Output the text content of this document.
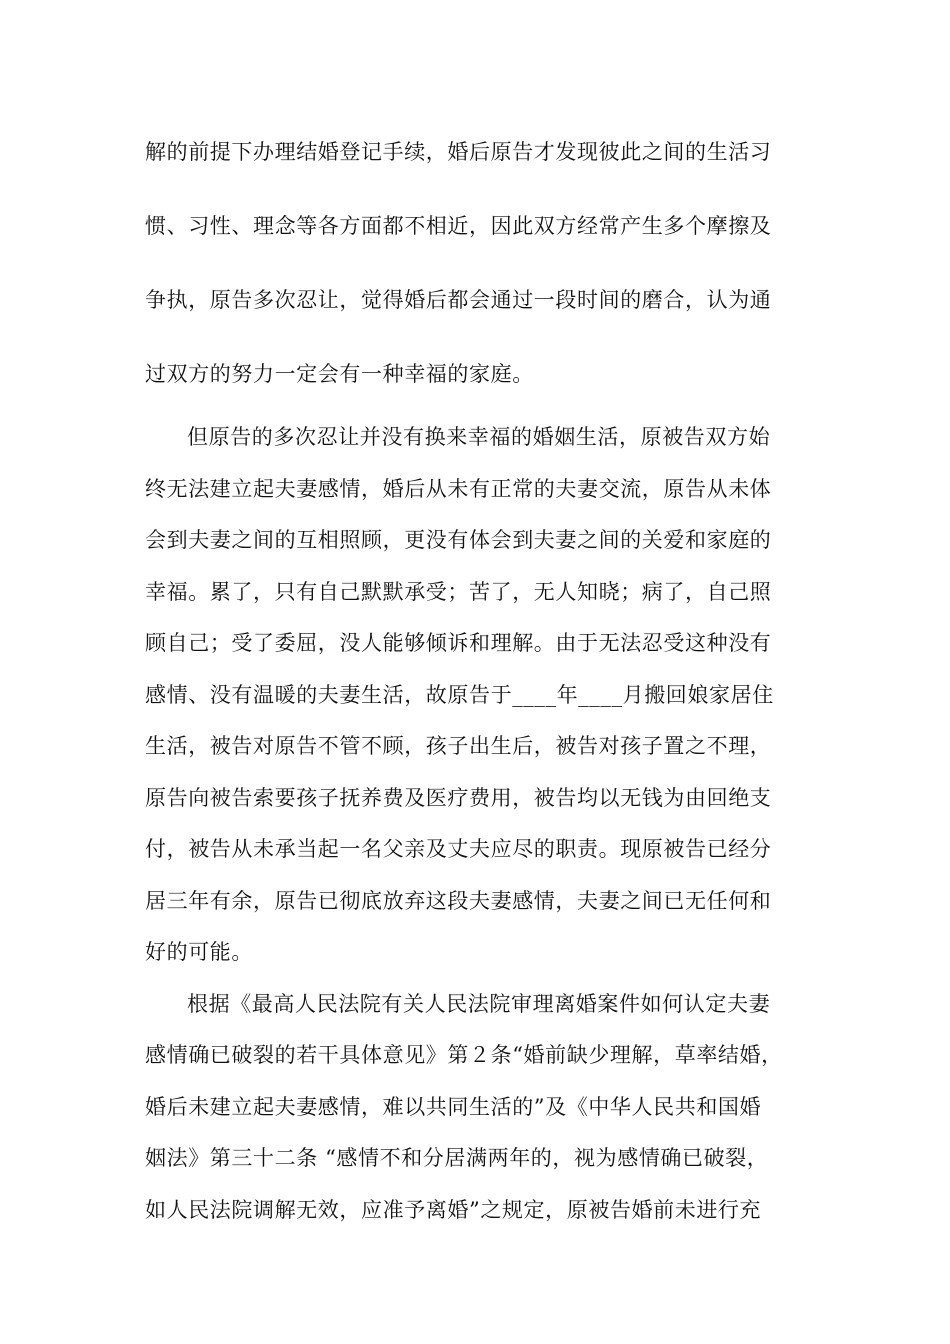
解的前提下办理结婚登记手续，婚后原告才发现彼此之间的生活习
惯、习性、理念等各方面都不相近，因此双方经常产生多个摩擦及
争执，原告多次忍让，觉得婚后都会通过一段时间的磨合，认为通
过双方的努力一定会有一种幸福的家庭。
但原告的多次忍让并没有换来幸福的婚姻生活，原被告双方始
终无法建立起夫妻感情，婚后从未有正常的夫妻交流，原告从未体
会到夫妻之间的互相照顾，更没有体会到夫妻之间的关爱和家庭的
幸福。累了，只有自己默默承受；苦了，无人知晓；病了，自己照
顾自己；受了委屈，没人能够倾诉和理解。由于无法忍受这种没有
感情、没有温暖的夫妻生活，故原告于____年____月搬回娘家居住
生活，被告对原告不管不顾，孩子出生后，被告对孩子置之不理，
原告向被告索要孩子抚养费及医疗费用，被告均以无钱为由回绝支
付，被告从未承当起一名父亲及丈夫应尽的职责。现原被告已经分
居三年有余，原告已彻底放弃这段夫妻感情，夫妻之间已无任何和
好的可能。
根据《最高人民法院有关人民法院审理离婚案件如何认定夫妻
感情确已破裂的若干具体意见》第２条“婚前缺少理解，草率结婚，
婚后未建立起夫妻感情，难以共同生活的”及《中华人民共和国婚
姻法》第三十二条 “感情不和分居满两年的，视为感情确已破裂，
如人民法院调解无效，应准予离婚”之规定，原被告婚前未进行充
